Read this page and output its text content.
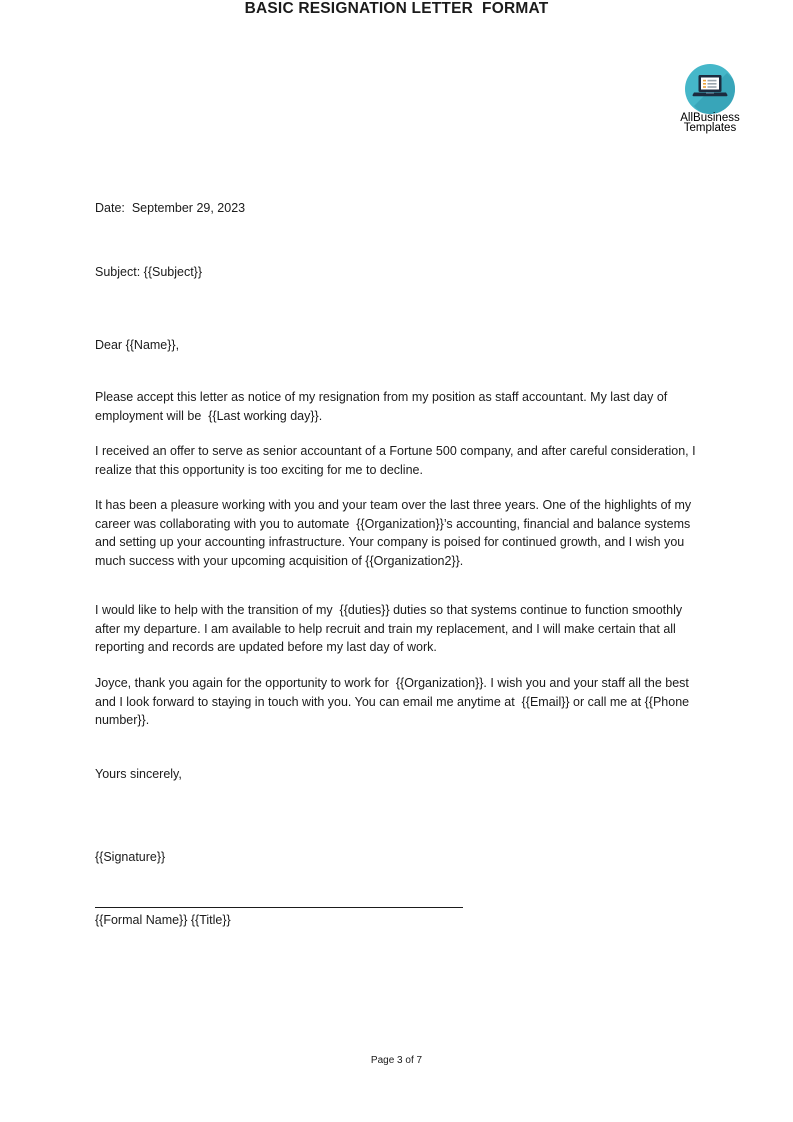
AllBusiness
Templates
BASIC RESIGNATION LETTER  FORMAT
Date:  September 29, 2023
Subject: {{Subject}}
Dear {{Name}},
Please accept this letter as notice of my resignation from my position as staff accountant. My last day of employment will be  {{Last working day}}.
I received an offer to serve as senior accountant of a Fortune 500 company, and after careful consideration, I realize that this opportunity is too exciting for me to decline.
It has been a pleasure working with you and your team over the last three years. One of the highlights of my career was collaborating with you to automate  {{Organization}}’s accounting, financial and balance systems and setting up your accounting infrastructure. Your company is poised for continued growth, and I wish you much success with your upcoming acquisition of {{Organization2}}.
I would like to help with the transition of my  {{duties}} duties so that systems continue to function smoothly after my departure. I am available to help recruit and train my replacement, and I will make certain that all reporting and records are updated before my last day of work.
Joyce, thank you again for the opportunity to work for  {{Organization}}. I wish you and your staff all the best and I look forward to staying in touch with you. You can email me anytime at  {{Email}} or call me at {{Phone number}}.
Yours sincerely,
{{Signature}}
{{Formal Name}} {{Title}}
Page 3 of 7
